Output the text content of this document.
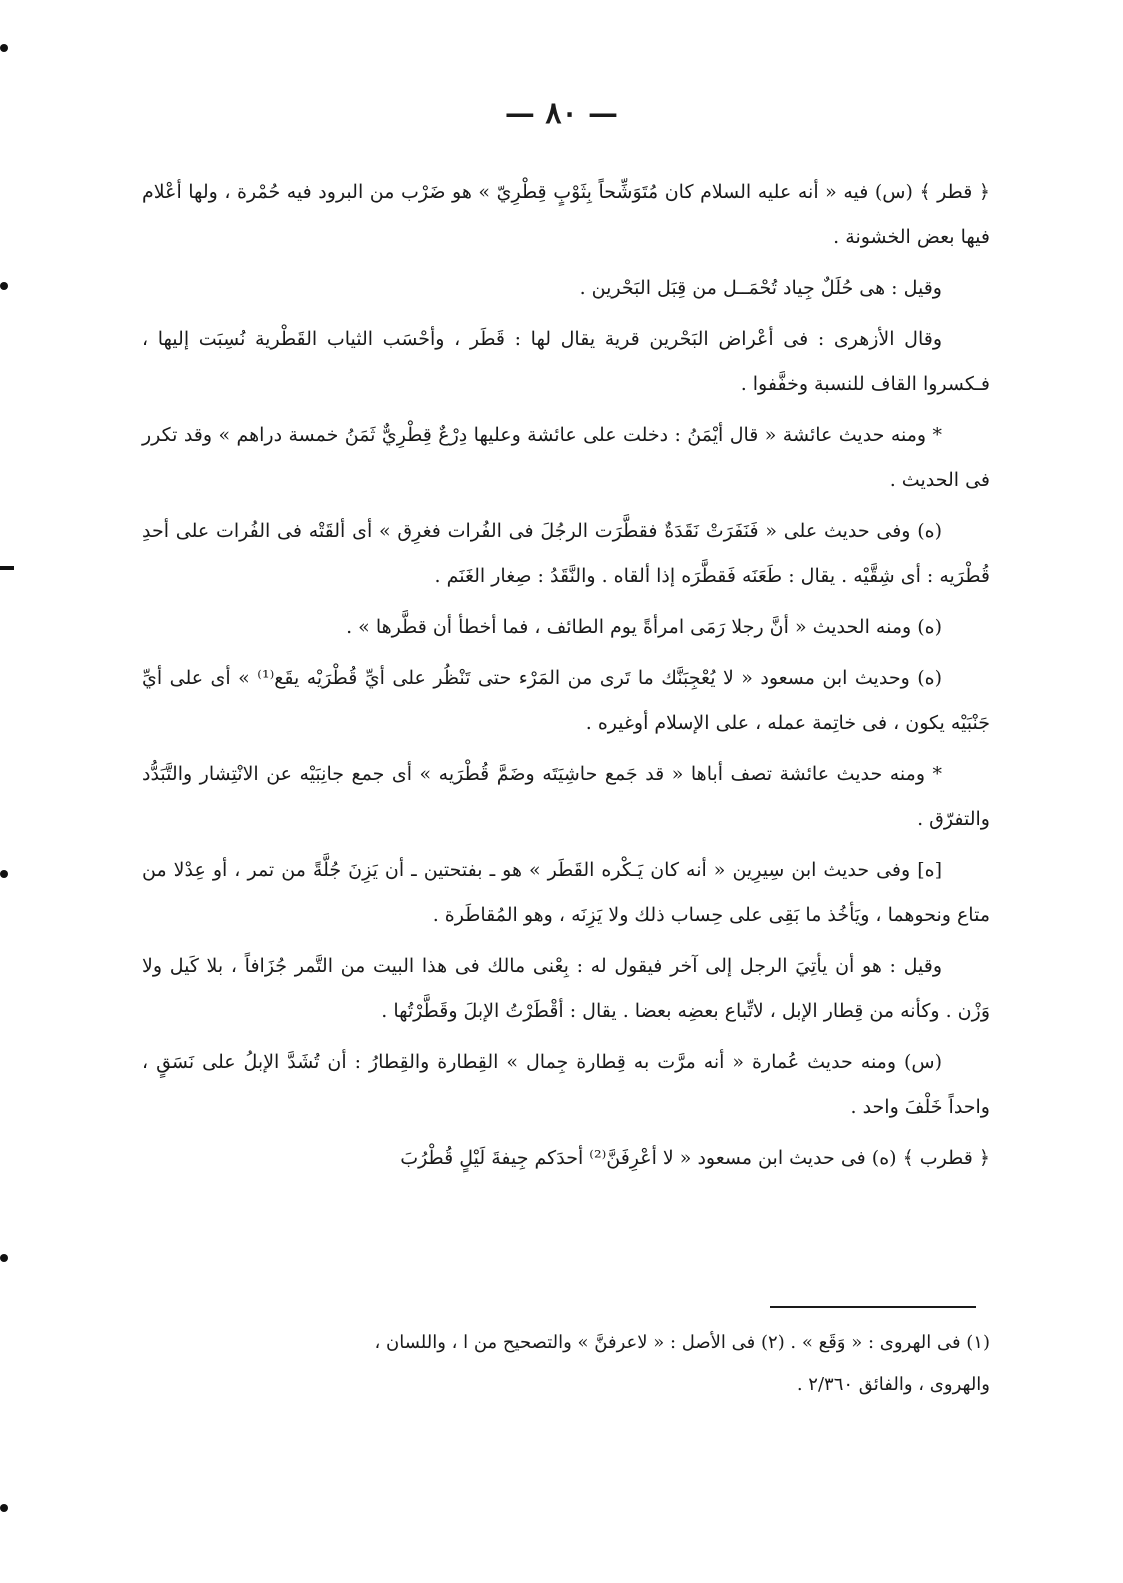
— ٨٠ —

﴿ قطر ﴾ (س) فيه « أنه عليه السلام كان مُتَوَشِّحاً بِثَوْبٍ قِطْرِيّ » هو ضَرْب من البرود فيه حُمْرة ، ولها أعْلام فيها بعض الخشونة .

وقيل : هى حُلَلٌ جِياد تُحْمَــل من قِبَل البَحْرين .

وقال الأزهرى : فى أعْراض البَحْرين قرية يقال لها : قَطَر ، وأحْسَب الثياب القَطْرية نُسِبَت إليها ، فـكسروا القاف للنسبة وخفَّفوا .

* ومنه حديث عائشة « قال أيْمَنُ : دخلت على عائشة وعليها دِرْعٌ قِطْرِيٌّ ثَمَنُ خمسة دراهم » وقد تكرر فى الحديث .

(ه) وفى حديث على « فَنَفَرَتْ نَقَدَةٌ فقطَّرَت الرجُلَ فى الفُرات فغرِق » أى ألقَتْه فى الفُرات على أحدِ قُطْرَيه : أى شِقَّيْه . يقال : طَعَنَه فَقطَّرَه إذا ألقاه . والنَّقَدُ : صِغار الغَنَم .

(ه) ومنه الحديث « أنَّ رجلا رَمَى امرأةً يوم الطائف ، فما أخطأ أن قطَّرها » .

(ه) وحديث ابن مسعود « لا يُعْجِبَنَّك ما تَرى من المَرْء حتى تَنْظُر على أيِّ قُطْرَيْه يقَع⁽¹⁾ » أى على أيِّ جَنْبَيْه يكون ، فى خاتِمة عمله ، على الإسلام أوغيره .

* ومنه حديث عائشة تصف أباها « قد جَمع حاشِيَتَه وضَمَّ قُطْرَيه » أى جمع جانِبَيْه عن الانْتِشار والتَّبَدُّد والتفرّق .

[ه] وفى حديث ابن سِيرِين « أنه كان يَـكْره القَطَر » هو ـ بفتحتين ـ أن يَزِنَ جُلَّةً من تمر ، أو عِدْلا من متاع ونحوهما ، ويَأخُذ ما بَقِى على حِساب ذلك ولا يَزِنَه ، وهو المُقاطَرة .

وقيل : هو أن يأتِيَ الرجل إلى آخر فيقول له : بِعْنى مالك فى هذا البيت من التَّمر جُزَافاً ، بلا كَيل ولا وَزْن . وكأنه من قِطار الإبل ، لاتِّباع بعضِه بعضا . يقال : أقْطَرْتُ الإبلَ وقَطَّرْتُها .

(س) ومنه حديث عُمارة « أنه مرَّت به قِطارة جِمال » القِطارة والقِطارُ : أن تُشَدَّ الإبلُ على نَسَقٍ ، واحداً خَلْفَ واحد .

﴿ قطرب ﴾ (ه) فى حديث ابن مسعود « لا أعْرِفَنَّ⁽²⁾ أحدَكم جِيفةَ لَيْلٍ قُطْرُبَ

(١) فى الهروى : « وَقَع » . (٢) فى الأصل : « لاعرفنَّ » والتصحيح من ا ، واللسان ،

والهروى ، والفائق ٢/٣٦٠ .
